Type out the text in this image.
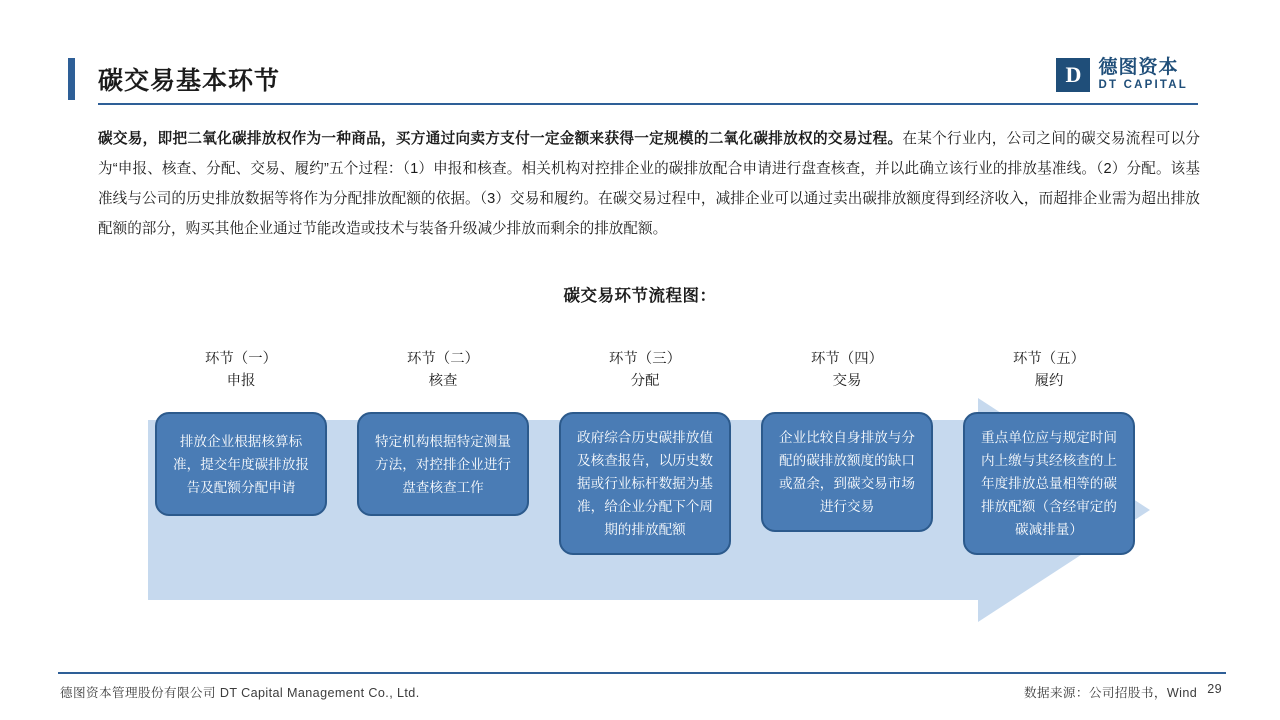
碳交易基本环节	D 德图资本
DT CAPITAL
碳交易，即把二氧化碳排放权作为一种商品，买方通过向卖方支付一定金额来获得一定规模的二氧化碳排放权的交易过程。在某个行业内，公司之间的碳交易流程可以分为“申报、核查、分配、交易、履约”五个过程：（1）申报和核查。相关机构对控排企业的碳排放配合申请进行盘查核查，并以此确立该行业的排放基准线。（2）分配。该基准线与公司的历史排放数据等将作为分配排放配额的依据。（3）交易和履约。在碳交易过程中，减排企业可以通过卖出碳排放额度得到经济收入，而超排企业需为超出排放配额的部分，购买其他企业通过节能改造或技术与装备升级减少排放而剩余的排放配额。
碳交易环节流程图：
环节（一）
申报
环节（二）
核查
环节（三）
分配
环节（四）
交易
环节（五）
履约
排放企业根据核算标准，提交年度碳排放报告及配额分配申请
特定机构根据特定测量方法，对控排企业进行盘查核查工作
政府综合历史碳排放值及核查报告，以历史数据或行业标杆数据为基准，给企业分配下个周期的排放配额
企业比较自身排放与分配的碳排放额度的缺口或盈余，到碳交易市场进行交易
重点单位应与规定时间内上缴与其经核查的上年度排放总量相等的碳排放配额（含经审定的碳减排量）
德图资本管理股份有限公司 DT Capital Management Co., Ltd.	数据来源：公司招股书，Wind 29
